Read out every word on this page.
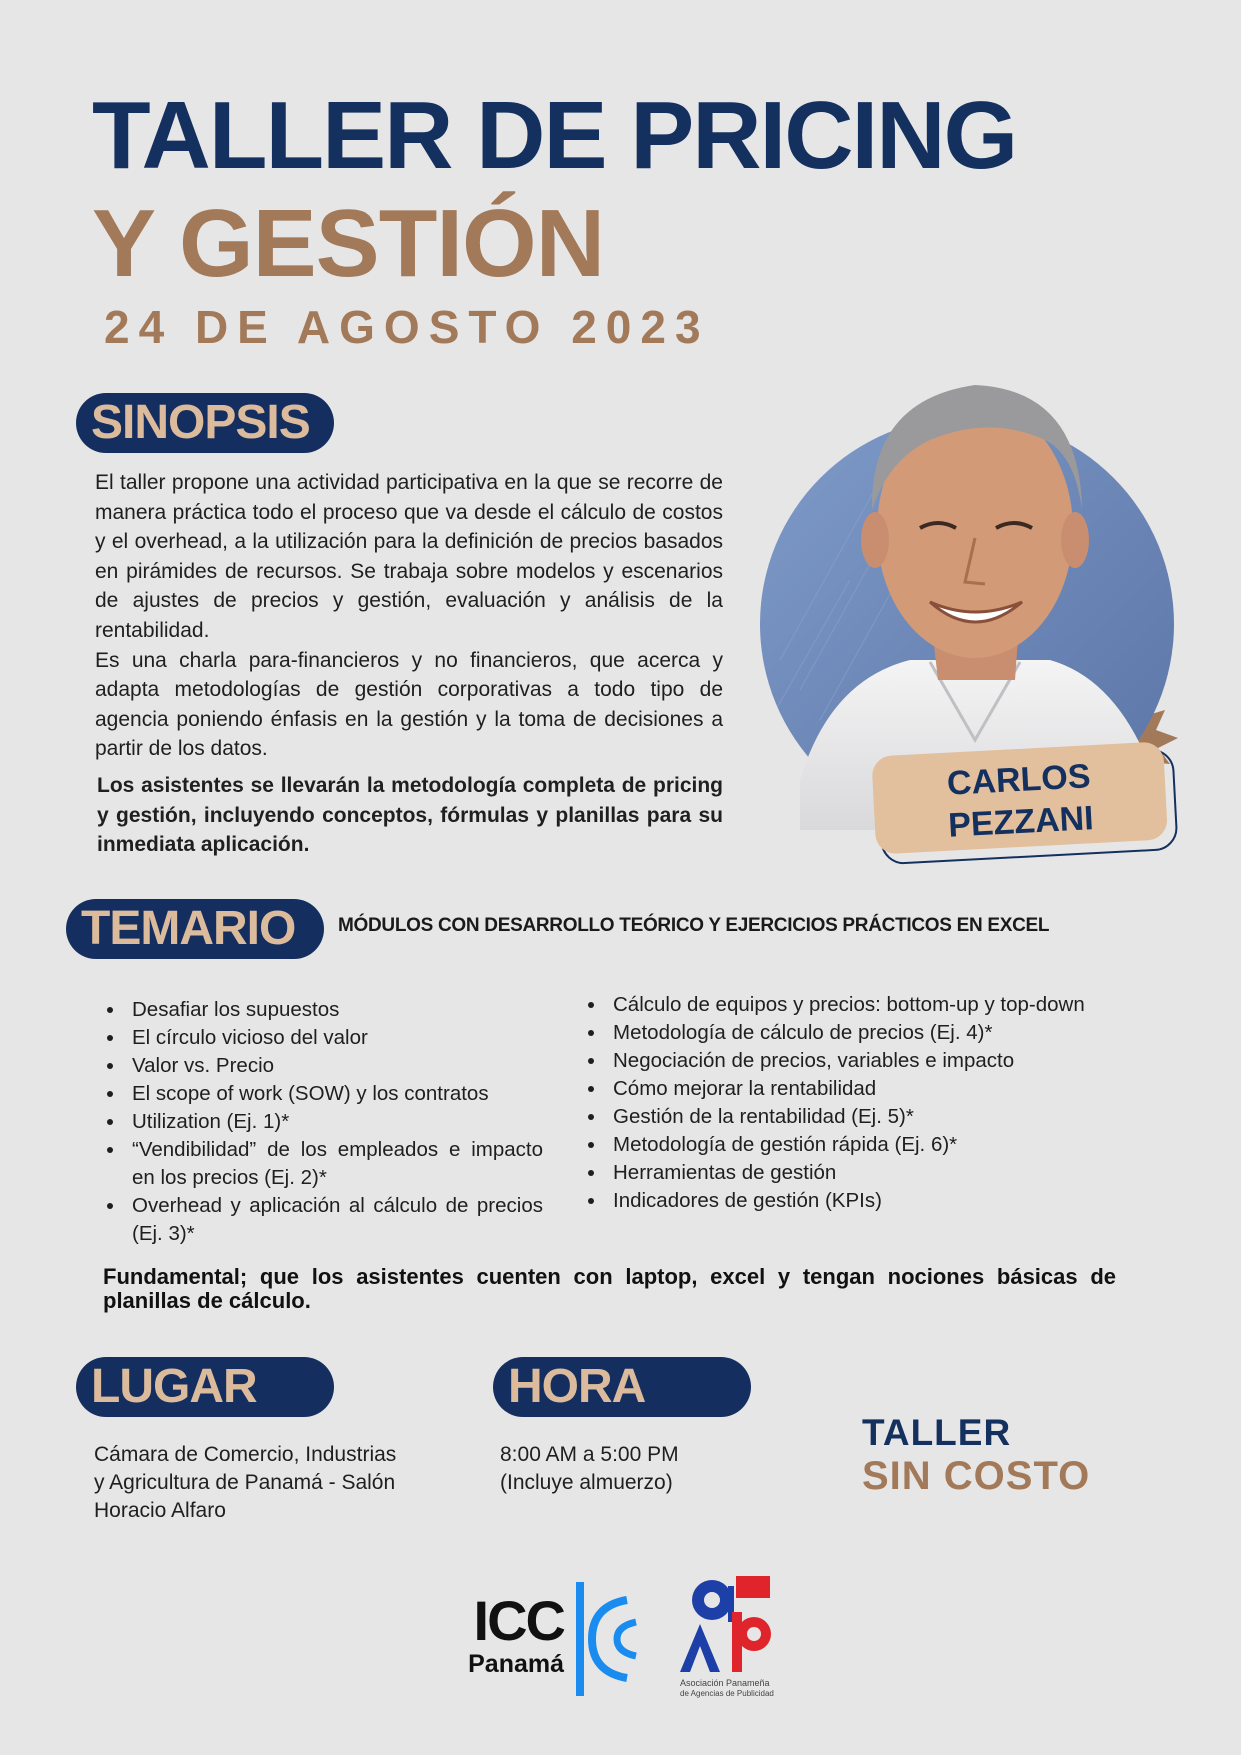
TALLER DE PRICING
Y GESTIÓN
24 DE AGOSTO 2023
SINOPSIS

El taller propone una actividad participativa en la que se recorre de manera práctica todo el proceso que va desde el cálculo de costos y el overhead, a la utilización para la definición de precios basados en pirámides de recursos. Se trabaja sobre modelos y escenarios de ajustes de precios y gestión, evaluación y análisis de la rentabilidad.

Es una charla para-financieros y no financieros, que acerca y adapta metodologías de gestión corporativas a todo tipo de agencia poniendo énfasis en la gestión y la toma de decisiones a partir de los datos.

Los asistentes se llevarán la metodología completa de pricing y gestión, incluyendo conceptos, fórmulas y planillas para su inmediata aplicación.
CARLOS
PEZZANI
TEMARIO	MÓDULOS CON DESARROLLO TEÓRICO Y EJERCICIOS PRÁCTICOS EN EXCEL
Desafiar los supuestos
El círculo vicioso del valor
Valor vs. Precio
El scope of work (SOW) y los contratos
Utilization (Ej. 1)*
“Vendibilidad” de los empleados e impacto en los precios (Ej. 2)*
Overhead y aplicación al cálculo de precios (Ej. 3)*
Cálculo de equipos y precios: bottom-up y top-down
Metodología de cálculo de precios (Ej. 4)*
Negociación de precios, variables e impacto
Cómo mejorar la rentabilidad
Gestión de la rentabilidad (Ej. 5)*
Metodología de gestión rápida (Ej. 6)*
Herramientas de gestión
Indicadores de gestión (KPIs)
Fundamental; que los asistentes cuenten con laptop, excel y tengan nociones básicas de planillas de cálculo.
LUGAR	HORA
Cámara de Comercio, Industrias
y Agricultura de Panamá - Salón
Horacio Alfaro
8:00 AM a 5:00 PM
(Incluye almuerzo)
TALLER
SIN COSTO
ICC
Panamá
Asociación Panameña
de Agencias de Publicidad
